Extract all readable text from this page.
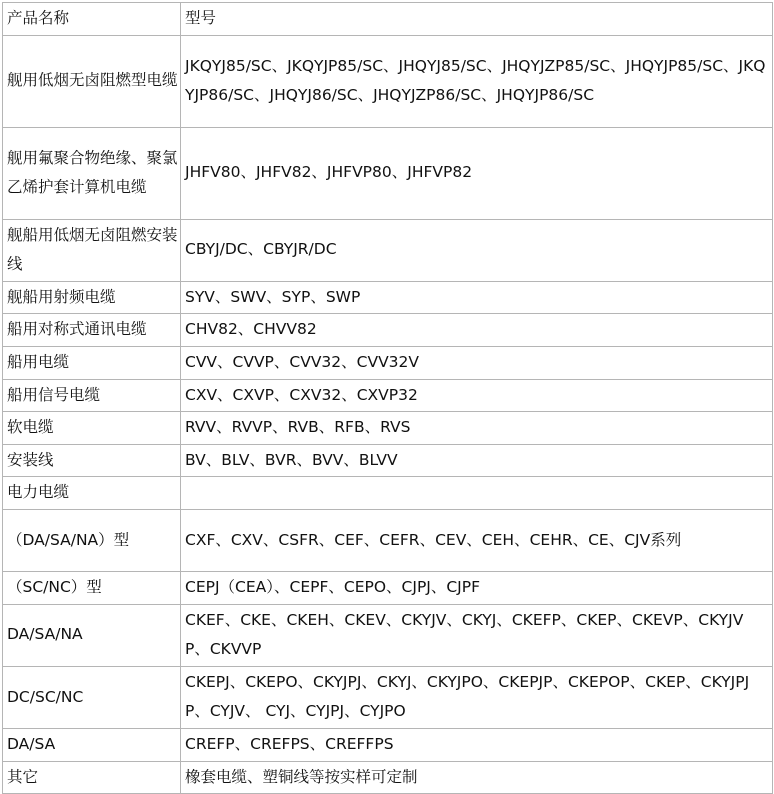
产品名称	型号
舰用低烟无卤阻燃型电缆	JKQYJ85/SC、JKQYJP85/SC、JHQYJ85/SC、JHQYJZP85/SC、JHQYJP85/SC、JKQYJP86/SC、JHQYJ86/SC、JHQYJZP86/SC、JHQYJP86/SC
舰用氟聚合物绝缘、聚氯乙烯护套计算机电缆	JHFV80、JHFV82、JHFVP80、JHFVP82
舰船用低烟无卤阻燃安装线	CBYJ/DC、CBYJR/DC
舰船用射频电缆	SYV、SWV、SYP、SWP
船用对称式通讯电缆	CHV82、CHVV82
船用电缆	CVV、CVVP、CVV32、CVV32V
船用信号电缆	CXV、CXVP、CXV32、CXVP32
软电缆	RVV、RVVP、RVB、RFB、RVS
安装线	BV、BLV、BVR、BVV、BLVV
电力电缆	
（DA/SA/NA）型	CXF、CXV、CSFR、CEF、CEFR、CEV、CEH、CEHR、CE、CJV系列
（SC/NC）型	CEPJ（CEA）、CEPF、CEPO、CJPJ、CJPF
DA/SA/NA	CKEF、CKE、CKEH、CKEV、CKYJV、CKYJ、CKEFP、CKEP、CKEVP、CKYJVP、CKVVP
DC/SC/NC	CKEPJ、CKEPO、CKYJPJ、CKYJ、CKYJPO、CKEPJP、CKEPOP、CKEP、CKYJPJP、CYJV、 CYJ、CYJPJ、CYJPO
DA/SA	CREFP、CREFPS、CREFFPS
其它	橡套电缆、塑铜线等按实样可定制
